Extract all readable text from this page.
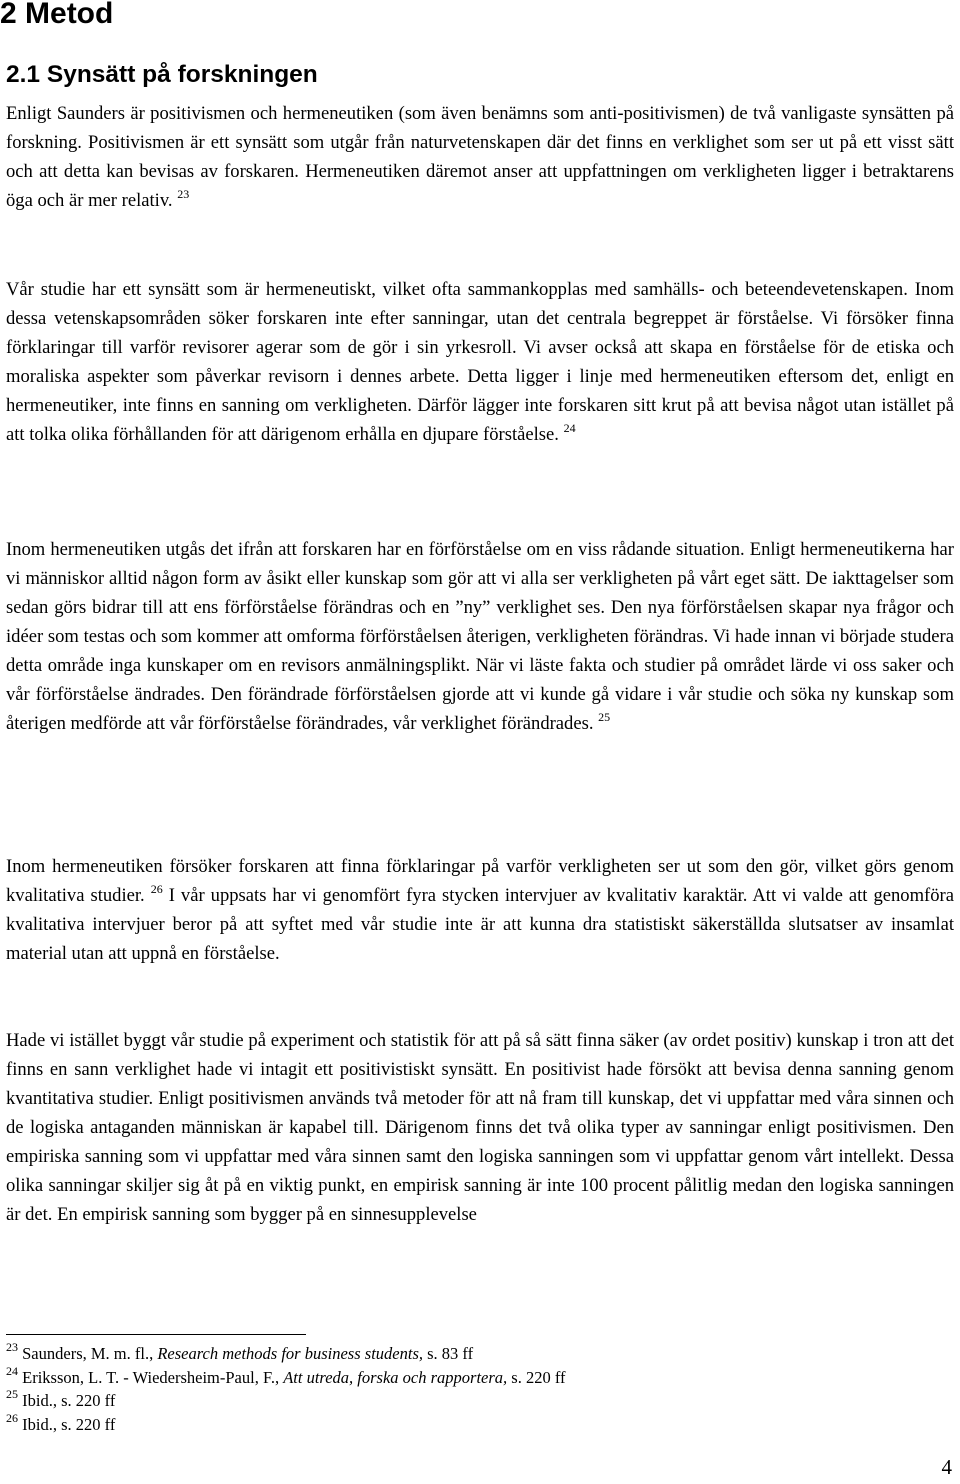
2 Metod
2.1 Synsätt på forskningen

Enligt Saunders är positivismen och hermeneutiken (som även benämns som anti-positivismen) de två vanligaste synsätten på forskning. Positivismen är ett synsätt som utgår från naturvetenskapen där det finns en verklighet som ser ut på ett visst sätt och att detta kan bevisas av forskaren. Hermeneutiken däremot anser att uppfattningen om verkligheten ligger i betraktarens öga och är mer relativ. $^{23}$

Vår studie har ett synsätt som är hermeneutiskt, vilket ofta sammankopplas med samhälls- och beteendevetenskapen. Inom dessa vetenskapsområden söker forskaren inte efter sanningar, utan det centrala begreppet är förståelse. Vi försöker finna förklaringar till varför revisorer agerar som de gör i sin yrkesroll. Vi avser också att skapa en förståelse för de etiska och moraliska aspekter som påverkar revisorn i dennes arbete. Detta ligger i linje med hermeneutiken eftersom det, enligt en hermeneutiker, inte finns en sanning om verkligheten. Därför lägger inte forskaren sitt krut på att bevisa något utan istället på att tolka olika förhållanden för att därigenom erhålla en djupare förståelse. $^{24}$

Inom hermeneutiken utgås det ifrån att forskaren har en förförståelse om en viss rådande situation. Enligt hermeneutikerna har vi människor alltid någon form av åsikt eller kunskap som gör att vi alla ser verkligheten på vårt eget sätt. De iakttagelser som sedan görs bidrar till att ens förförståelse förändras och en ”ny” verklighet ses. Den nya förförståelsen skapar nya frågor och idéer som testas och som kommer att omforma förförståelsen återigen, verkligheten förändras. Vi hade innan vi började studera detta område inga kunskaper om en revisors anmälningsplikt. När vi läste fakta och studier på området lärde vi oss saker och vår förförståelse ändrades. Den förändrade förförståelsen gjorde att vi kunde gå vidare i vår studie och söka ny kunskap som återigen medförde att vår förförståelse förändrades, vår verklighet förändrades. $^{25}$

Inom hermeneutiken försöker forskaren att finna förklaringar på varför verkligheten ser ut som den gör, vilket görs genom kvalitativa studier. $^{26}$ I vår uppsats har vi genomfört fyra stycken intervjuer av kvalitativ karaktär. Att vi valde att genomföra kvalitativa intervjuer beror på att syftet med vår studie inte är att kunna dra statistiskt säkerställda slutsatser av insamlat material utan att uppnå en förståelse.

Hade vi istället byggt vår studie på experiment och statistik för att på så sätt finna säker (av ordet positiv) kunskap i tron att det finns en sann verklighet hade vi intagit ett positivistiskt synsätt. En positivist hade försökt att bevisa denna sanning genom kvantitativa studier. Enligt positivismen används två metoder för att nå fram till kunskap, det vi uppfattar med våra sinnen och de logiska antaganden människan är kapabel till. Därigenom finns det två olika typer av sanningar enligt positivismen. Den empiriska sanning som vi uppfattar med våra sinnen samt den logiska sanningen som vi uppfattar genom vårt intellekt. Dessa olika sanningar skiljer sig åt på en viktig punkt, en empirisk sanning är inte 100 procent pålitlig medan den logiska sanningen är det. En empirisk sanning som bygger på en sinnesupplevelse

$^{23}$ Saunders, M. m. fl., Research methods for business students, s. 83 ff

$^{24}$ Eriksson, L. T. - Wiedersheim-Paul, F., Att utreda, forska och rapportera, s. 220 ff

$^{25}$ Ibid., s. 220 ff

$^{26}$ Ibid., s. 220 ff

4
